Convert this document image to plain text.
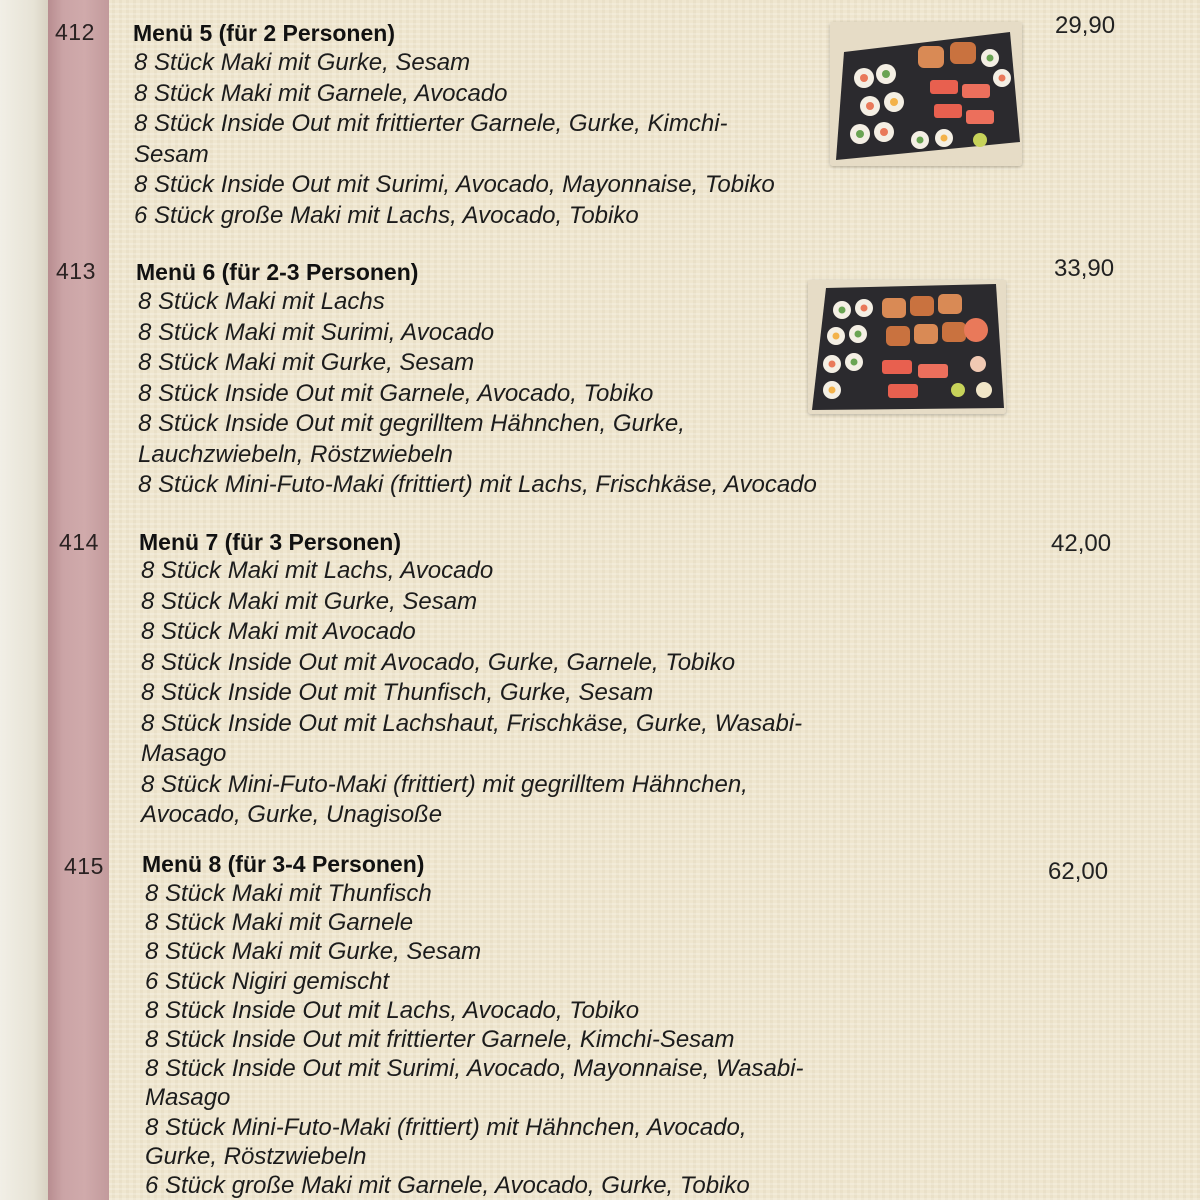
412 Menü 5 (für 2 Personen)	29,90
8 Stück Maki mit Gurke, Sesam
8 Stück Maki mit Garnele, Avocado
8 Stück Inside Out mit frittierter Garnele, Gurke, Kimchi-
Sesam
8 Stück Inside Out mit Surimi, Avocado, Mayonnaise, Tobiko
6 Stück große Maki mit Lachs, Avocado, Tobiko
413 Menü 6 (für 2-3 Personen)	33,90
8 Stück Maki mit Lachs
8 Stück Maki mit Surimi, Avocado
8 Stück Maki mit Gurke, Sesam
8 Stück Inside Out mit Garnele, Avocado, Tobiko
8 Stück Inside Out mit gegrilltem Hähnchen, Gurke,
Lauchzwiebeln, Röstzwiebeln
8 Stück Mini-Futo-Maki (frittiert) mit Lachs, Frischkäse, Avocado
414 Menü 7 (für 3 Personen)	42,00
8 Stück Maki mit Lachs, Avocado
8 Stück Maki mit Gurke, Sesam
8 Stück Maki mit Avocado
8 Stück Inside Out mit Avocado, Gurke, Garnele, Tobiko
8 Stück Inside Out mit Thunfisch, Gurke, Sesam
8 Stück Inside Out mit Lachshaut, Frischkäse, Gurke, Wasabi-
Masago
8 Stück Mini-Futo-Maki (frittiert) mit gegrilltem Hähnchen,
Avocado, Gurke, Unagisoße
415 Menü 8 (für 3-4 Personen)	62,00
8 Stück Maki mit Thunfisch
8 Stück Maki mit Garnele
8 Stück Maki mit Gurke, Sesam
6 Stück Nigiri gemischt
8 Stück Inside Out mit Lachs, Avocado, Tobiko
8 Stück Inside Out mit frittierter Garnele, Kimchi-Sesam
8 Stück Inside Out mit Surimi, Avocado, Mayonnaise, Wasabi-
Masago
8 Stück Mini-Futo-Maki (frittiert) mit Hähnchen, Avocado,
Gurke, Röstzwiebeln
6 Stück große Maki mit Garnele, Avocado, Gurke, Tobiko
